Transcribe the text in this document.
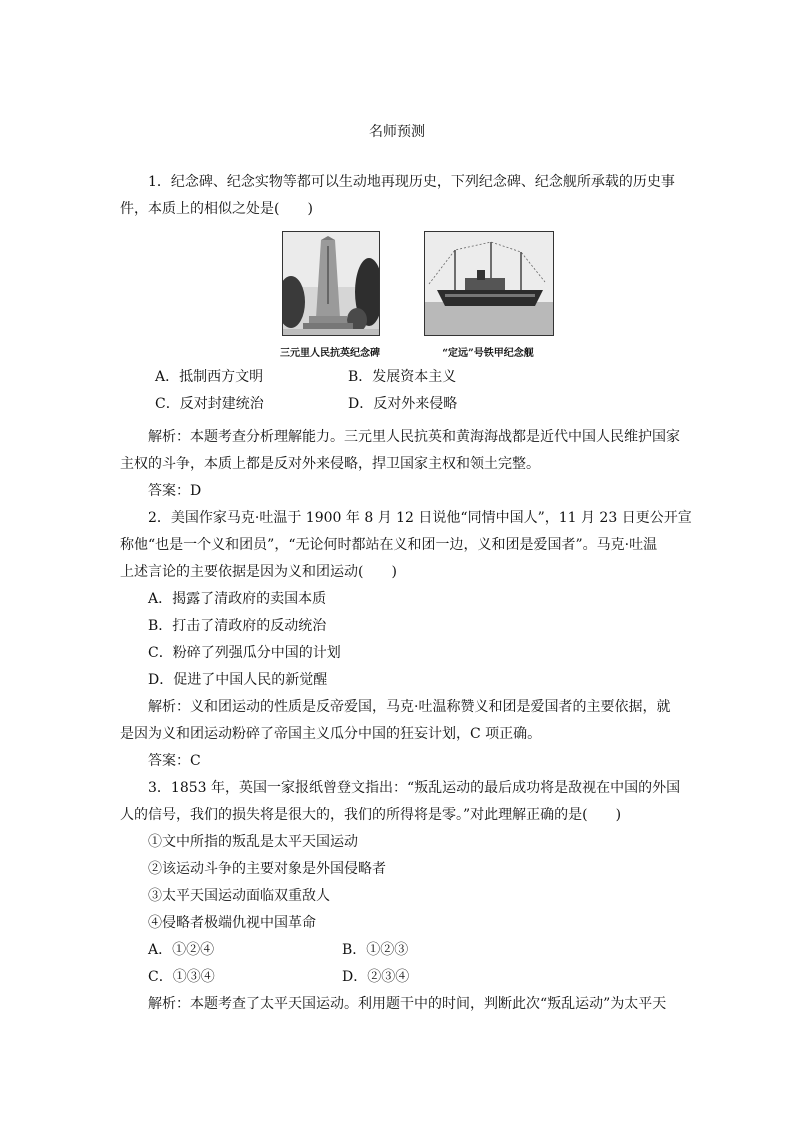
名师预测
1．纪念碑、纪念实物等都可以生动地再现历史，下列纪念碑、纪念舰所承载的历史事
件，本质上的相似之处是(　　)
三元里人民抗英纪念碑	“定远”号铁甲纪念舰
A．抵制西方文明	B．发展资本主义
C．反对封建统治	D．反对外来侵略
解析：本题考查分析理解能力。三元里人民抗英和黄海海战都是近代中国人民维护国家
主权的斗争，本质上都是反对外来侵略，捍卫国家主权和领土完整。
答案：D
2．美国作家马克·吐温于 1900 年 8 月 12 日说他“同情中国人”，11 月 23 日更公开宣
称他“也是一个义和团员”，“无论何时都站在义和团一边，义和团是爱国者”。马克·吐温
上述言论的主要依据是因为义和团运动(　　)
A．揭露了清政府的卖国本质
B．打击了清政府的反动统治
C．粉碎了列强瓜分中国的计划
D．促进了中国人民的新觉醒
解析：义和团运动的性质是反帝爱国，马克·吐温称赞义和团是爱国者的主要依据，就
是因为义和团运动粉碎了帝国主义瓜分中国的狂妄计划，C 项正确。
答案：C
3．1853 年，英国一家报纸曾登文指出：“叛乱运动的最后成功将是敌视在中国的外国
人的信号，我们的损失将是很大的，我们的所得将是零。”对此理解正确的是(　　)
①文中所指的叛乱是太平天国运动
②该运动斗争的主要对象是外国侵略者
③太平天国运动面临双重敌人
④侵略者极端仇视中国革命
A．①②④	B．①②③
C．①③④	D．②③④
解析：本题考查了太平天国运动。利用题干中的时间，判断此次“叛乱运动”为太平天
